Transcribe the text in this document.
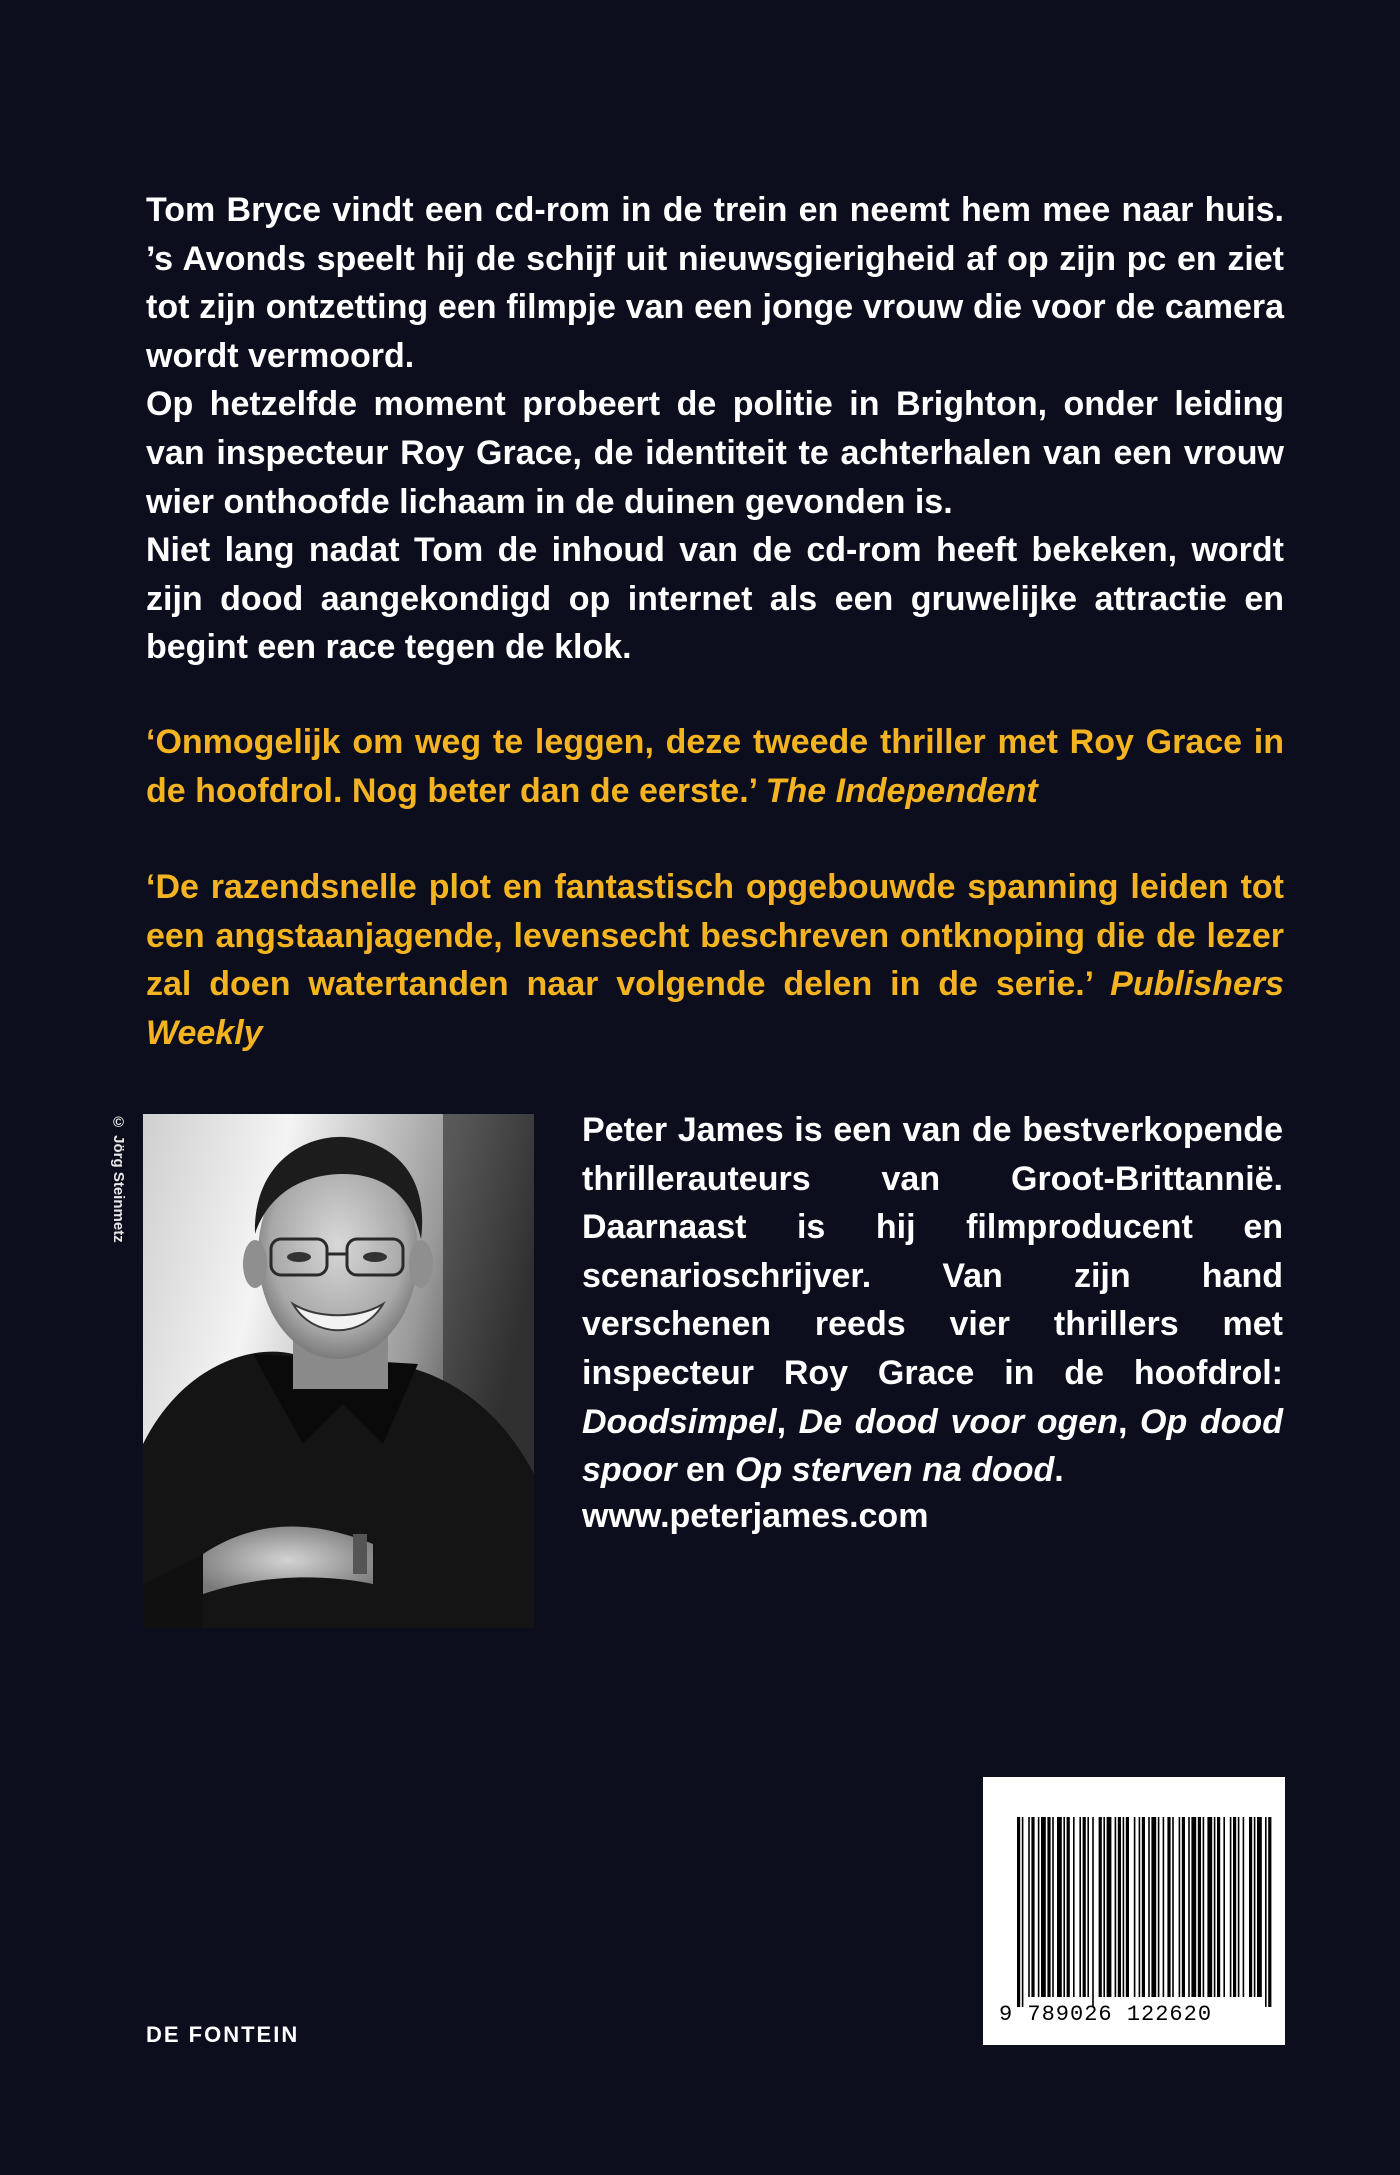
Tom Bryce vindt een cd-rom in de trein en neemt hem mee naar huis. ’s Avonds speelt hij de schijf uit nieuwsgierigheid af op zijn pc en ziet tot zijn ontzetting een filmpje van een jonge vrouw die voor de camera wordt vermoord.

Op hetzelfde moment probeert de politie in Brighton, onder leiding van inspecteur Roy Grace, de identiteit te achterhalen van een vrouw wier onthoofde lichaam in de duinen gevonden is.

Niet lang nadat Tom de inhoud van de cd-rom heeft bekeken, wordt zijn dood aangekondigd op internet als een gruwelijke attractie en begint een race tegen de klok.

‘Onmogelijk om weg te leggen, deze tweede thriller met Roy Grace in de hoofdrol. Nog beter dan de eerste.’ The Independent

‘De razendsnelle plot en fantastisch opgebouwde spanning leiden tot een angstaanjagende, levensecht beschreven ontknoping die de lezer zal doen watertanden naar volgende delen in de serie.’ Publishers Weekly

© Jörg Steinmetz	Peter James is een van de bestverkopende thrillerauteurs van Groot-Brittannië. Daarnaast is hij filmproducent en scenarioschrijver. Van zijn hand verschenen reeds vier thrillers met inspecteur Roy Grace in de hoofdrol: Doodsimpel, De dood voor ogen, Op dood spoor en Op sterven na dood.

www.peterjames.com
DE FONTEIN
9 789026 122620
